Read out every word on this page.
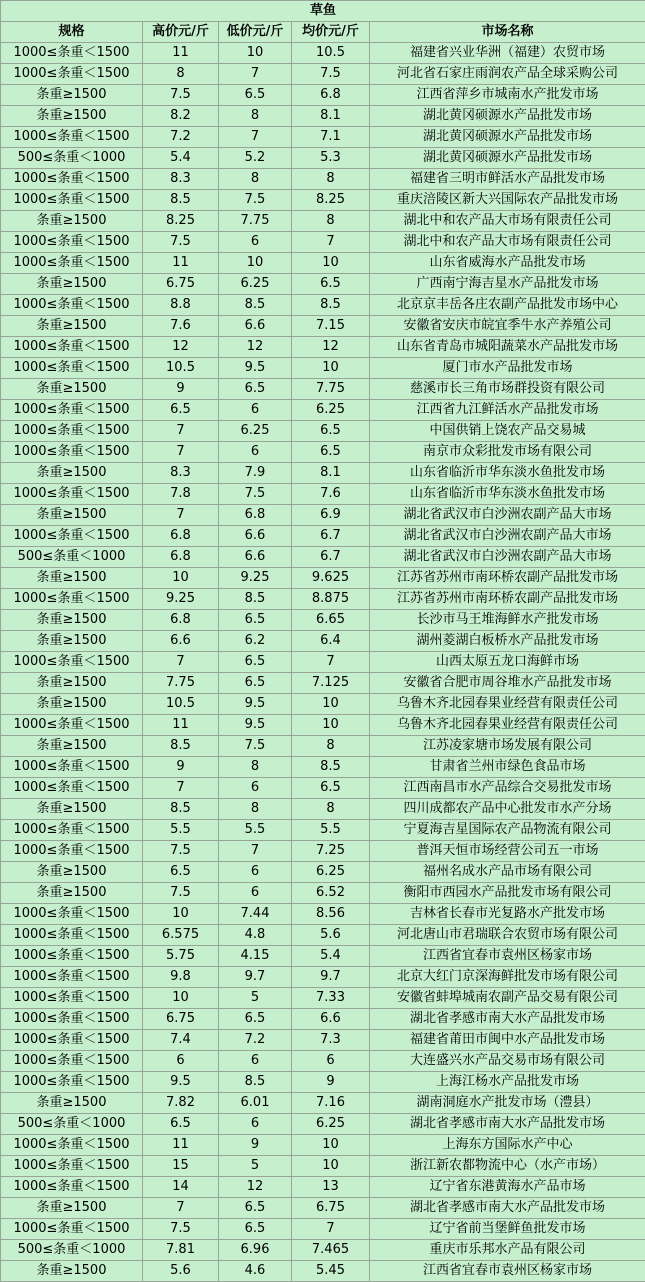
草鱼				
规格	高价元/斤	低价元/斤	均价元/斤	市场名称
1000≤条重＜1500	11	10	10.5	福建省兴业华洲（福建）农贸市场
1000≤条重＜1500	8	7	7.5	河北省石家庄雨润农产品全球采购公司
条重≥1500	7.5	6.5	6.8	江西省萍乡市城南水产批发市场
条重≥1500	8.2	8	8.1	湖北黄冈硕源水产品批发市场
1000≤条重＜1500	7.2	7	7.1	湖北黄冈硕源水产品批发市场
500≤条重＜1000	5.4	5.2	5.3	湖北黄冈硕源水产品批发市场
1000≤条重＜1500	8.3	8	8	福建省三明市鲜活水产品批发市场
1000≤条重＜1500	8.5	7.5	8.25	重庆涪陵区新大兴国际农产品批发市场
条重≥1500	8.25	7.75	8	湖北中和农产品大市场有限责任公司
1000≤条重＜1500	7.5	6	7	湖北中和农产品大市场有限责任公司
1000≤条重＜1500	11	10	10	山东省威海水产品批发市场
条重≥1500	6.75	6.25	6.5	广西南宁海吉星水产品批发市场
1000≤条重＜1500	8.8	8.5	8.5	北京京丰岳各庄农副产品批发市场中心
条重≥1500	7.6	6.6	7.15	安徽省安庆市皖宜季牛水产养殖公司
1000≤条重＜1500	12	12	12	山东省青岛市城阳蔬菜水产品批发市场
1000≤条重＜1500	10.5	9.5	10	厦门市水产品批发市场
条重≥1500	9	6.5	7.75	慈溪市长三角市场群投资有限公司
1000≤条重＜1500	6.5	6	6.25	江西省九江鲜活水产品批发市场
1000≤条重＜1500	7	6.25	6.5	中国供销上饶农产品交易城
1000≤条重＜1500	7	6	6.5	南京市众彩批发市场有限公司
条重≥1500	8.3	7.9	8.1	山东省临沂市华东淡水鱼批发市场
1000≤条重＜1500	7.8	7.5	7.6	山东省临沂市华东淡水鱼批发市场
条重≥1500	7	6.8	6.9	湖北省武汉市白沙洲农副产品大市场
1000≤条重＜1500	6.8	6.6	6.7	湖北省武汉市白沙洲农副产品大市场
500≤条重＜1000	6.8	6.6	6.7	湖北省武汉市白沙洲农副产品大市场
条重≥1500	10	9.25	9.625	江苏省苏州市南环桥农副产品批发市场
1000≤条重＜1500	9.25	8.5	8.875	江苏省苏州市南环桥农副产品批发市场
条重≥1500	6.8	6.5	6.65	长沙市马王堆海鲜水产批发市场
条重≥1500	6.6	6.2	6.4	湖州菱湖白板桥水产品批发市场
1000≤条重＜1500	7	6.5	7	山西太原五龙口海鲜市场
条重≥1500	7.75	6.5	7.125	安徽省合肥市周谷堆水产品批发市场
条重≥1500	10.5	9.5	10	乌鲁木齐北园春果业经营有限责任公司
1000≤条重＜1500	11	9.5	10	乌鲁木齐北园春果业经营有限责任公司
条重≥1500	8.5	7.5	8	江苏凌家塘市场发展有限公司
1000≤条重＜1500	9	8	8.5	甘肃省兰州市绿色食品市场
1000≤条重＜1500	7	6	6.5	江西南昌市水产品综合交易批发市场
条重≥1500	8.5	8	8	四川成都农产品中心批发市水产分场
1000≤条重＜1500	5.5	5.5	5.5	宁夏海吉星国际农产品物流有限公司
1000≤条重＜1500	7.5	7	7.25	普洱天恒市场经营公司五一市场
条重≥1500	6.5	6	6.25	福州名成水产品市场有限公司
条重≥1500	7.5	6	6.52	衡阳市西园水产品批发市场有限公司
1000≤条重＜1500	10	7.44	8.56	吉林省长春市光复路水产批发市场
1000≤条重＜1500	6.575	4.8	5.6	河北唐山市君瑞联合农贸市场有限公司
1000≤条重＜1500	5.75	4.15	5.4	江西省宜春市袁州区杨家市场
1000≤条重＜1500	9.8	9.7	9.7	北京大红门京深海鲜批发市场有限公司
1000≤条重＜1500	10	5	7.33	安徽省蚌埠城南农副产品交易有限公司
1000≤条重＜1500	6.75	6.5	6.6	湖北省孝感市南大水产品批发市场
1000≤条重＜1500	7.4	7.2	7.3	福建省莆田市闽中水产品批发市场
1000≤条重＜1500	6	6	6	大连盛兴水产品交易市场有限公司
1000≤条重＜1500	9.5	8.5	9	上海江杨水产品批发市场
条重≥1500	7.82	6.01	7.16	湖南洞庭水产批发市场（澧县）
500≤条重＜1000	6.5	6	6.25	湖北省孝感市南大水产品批发市场
1000≤条重＜1500	11	9	10	上海东方国际水产中心
1000≤条重＜1500	15	5	10	浙江新农都物流中心（水产市场）
1000≤条重＜1500	14	12	13	辽宁省东港黄海水产品市场
条重≥1500	7	6.5	6.75	湖北省孝感市南大水产品批发市场
1000≤条重＜1500	7.5	6.5	7	辽宁省前当堡鲜鱼批发市场
500≤条重＜1000	7.81	6.96	7.465	重庆市乐邦水产品有限公司
条重≥1500	5.6	4.6	5.45	江西省宜春市袁州区杨家市场
